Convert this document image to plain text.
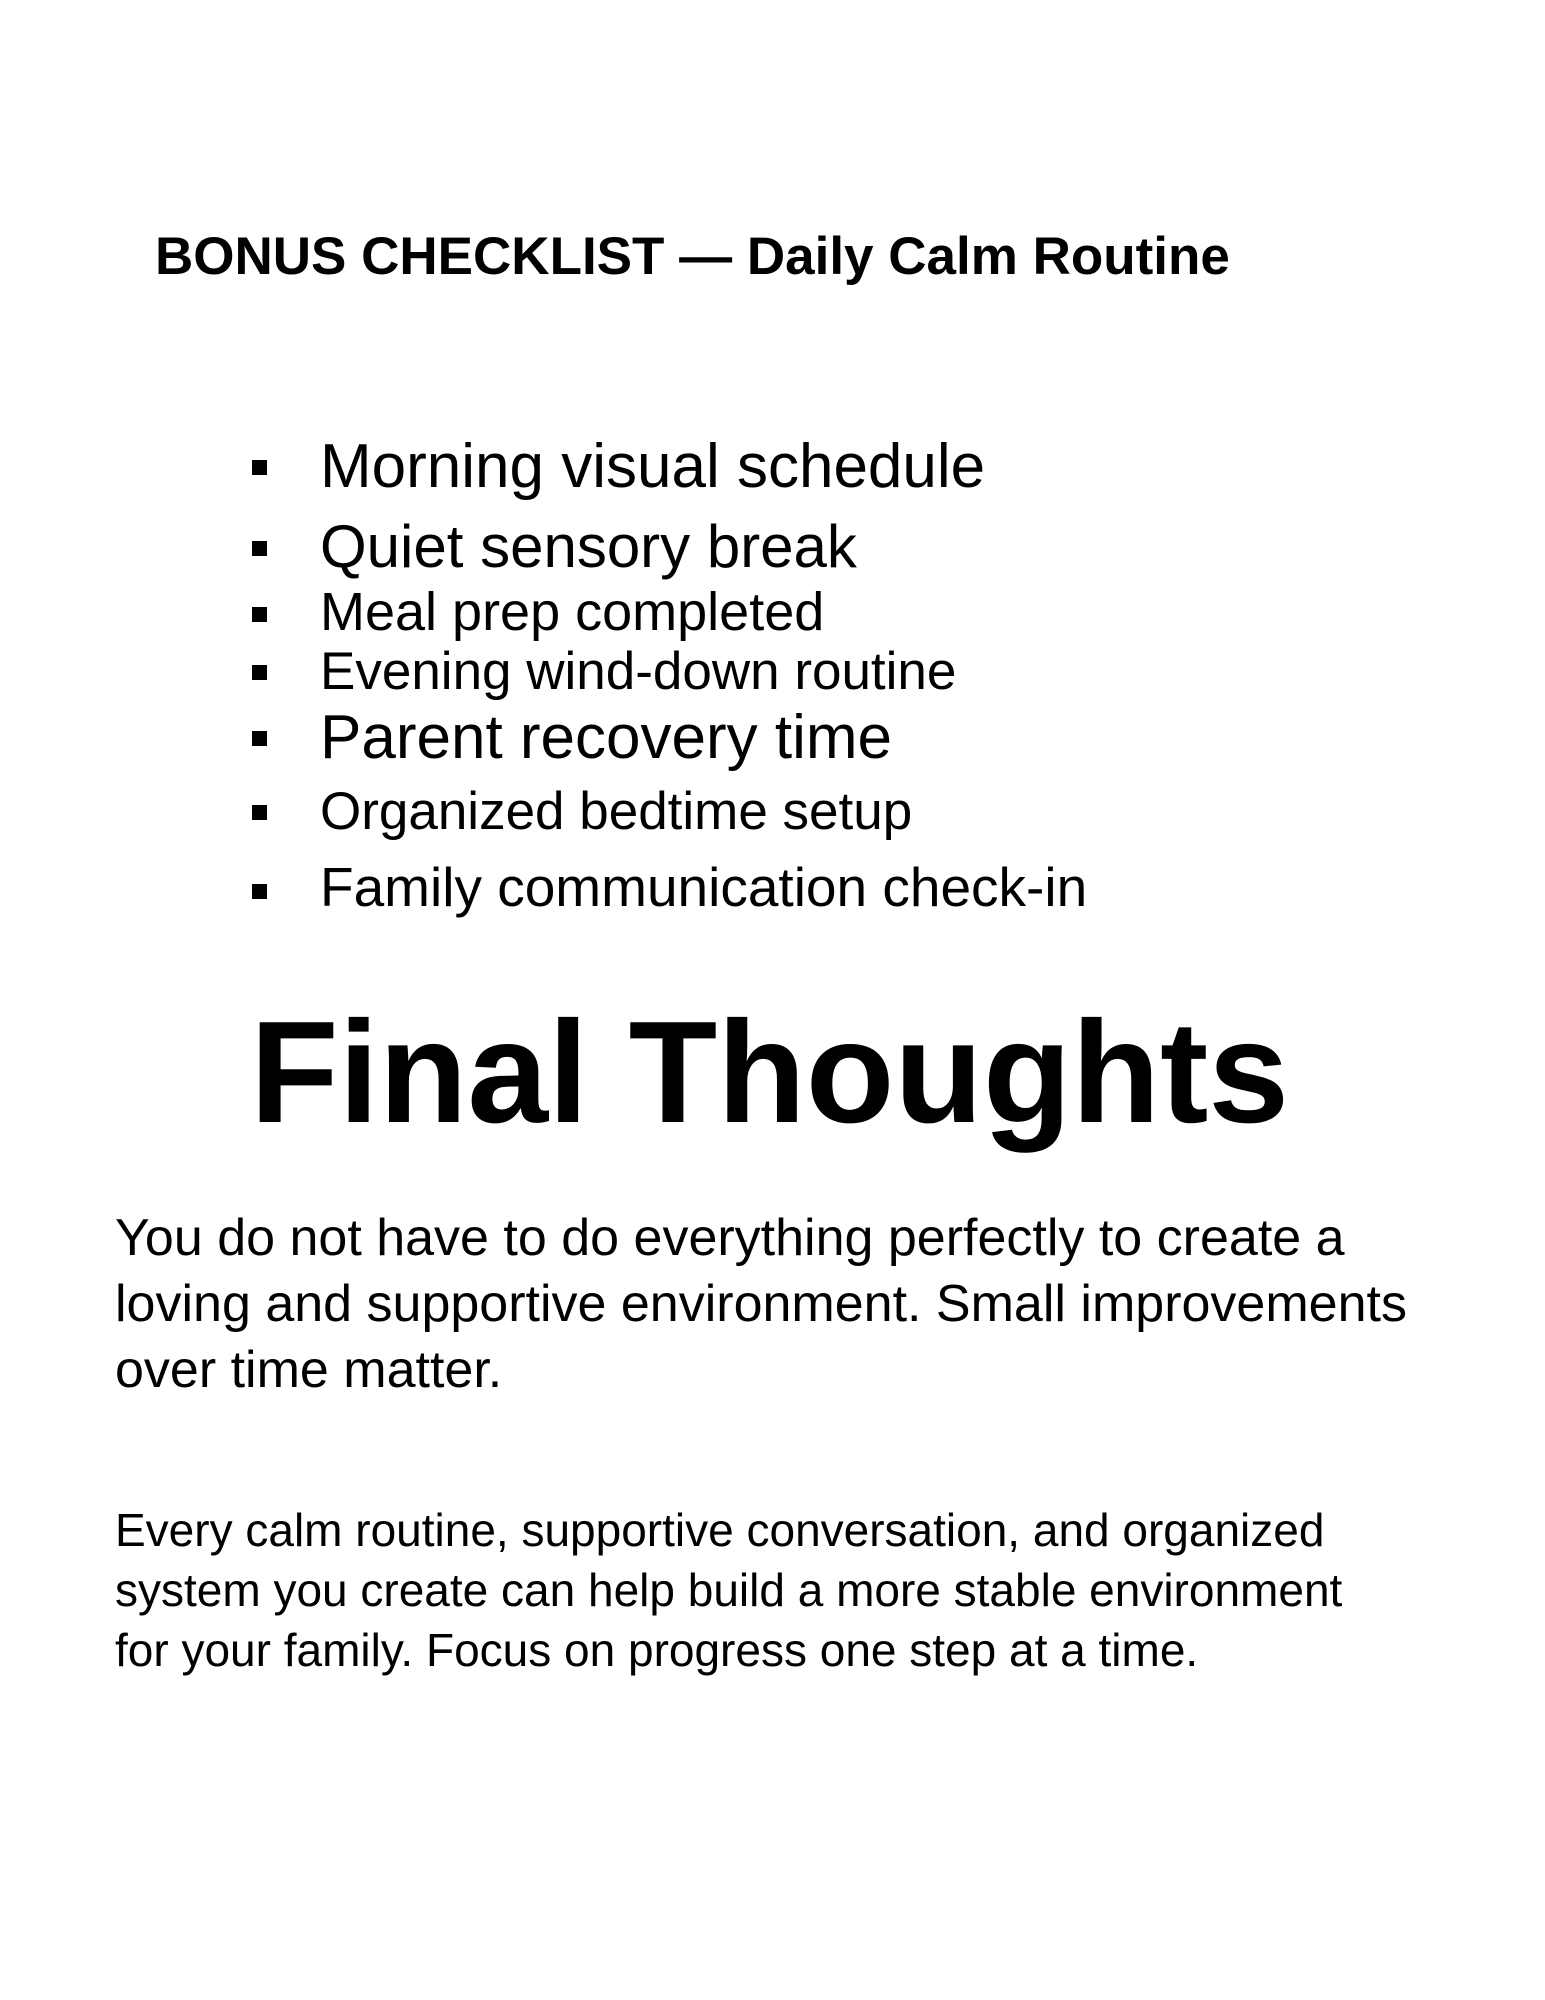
BONUS CHECKLIST — Daily Calm Routine
Morning visual schedule
Quiet sensory break
Meal prep completed
Evening wind-down routine
Parent recovery time
Organized bedtime setup
Family communication check-in
Final Thoughts

You do not have to do everything perfectly to create a loving and supportive environment. Small improvements over time matter.

Every calm routine, supportive conversation, and organized system you create can help build a more stable environment for your family. Focus on progress one step at a time.
